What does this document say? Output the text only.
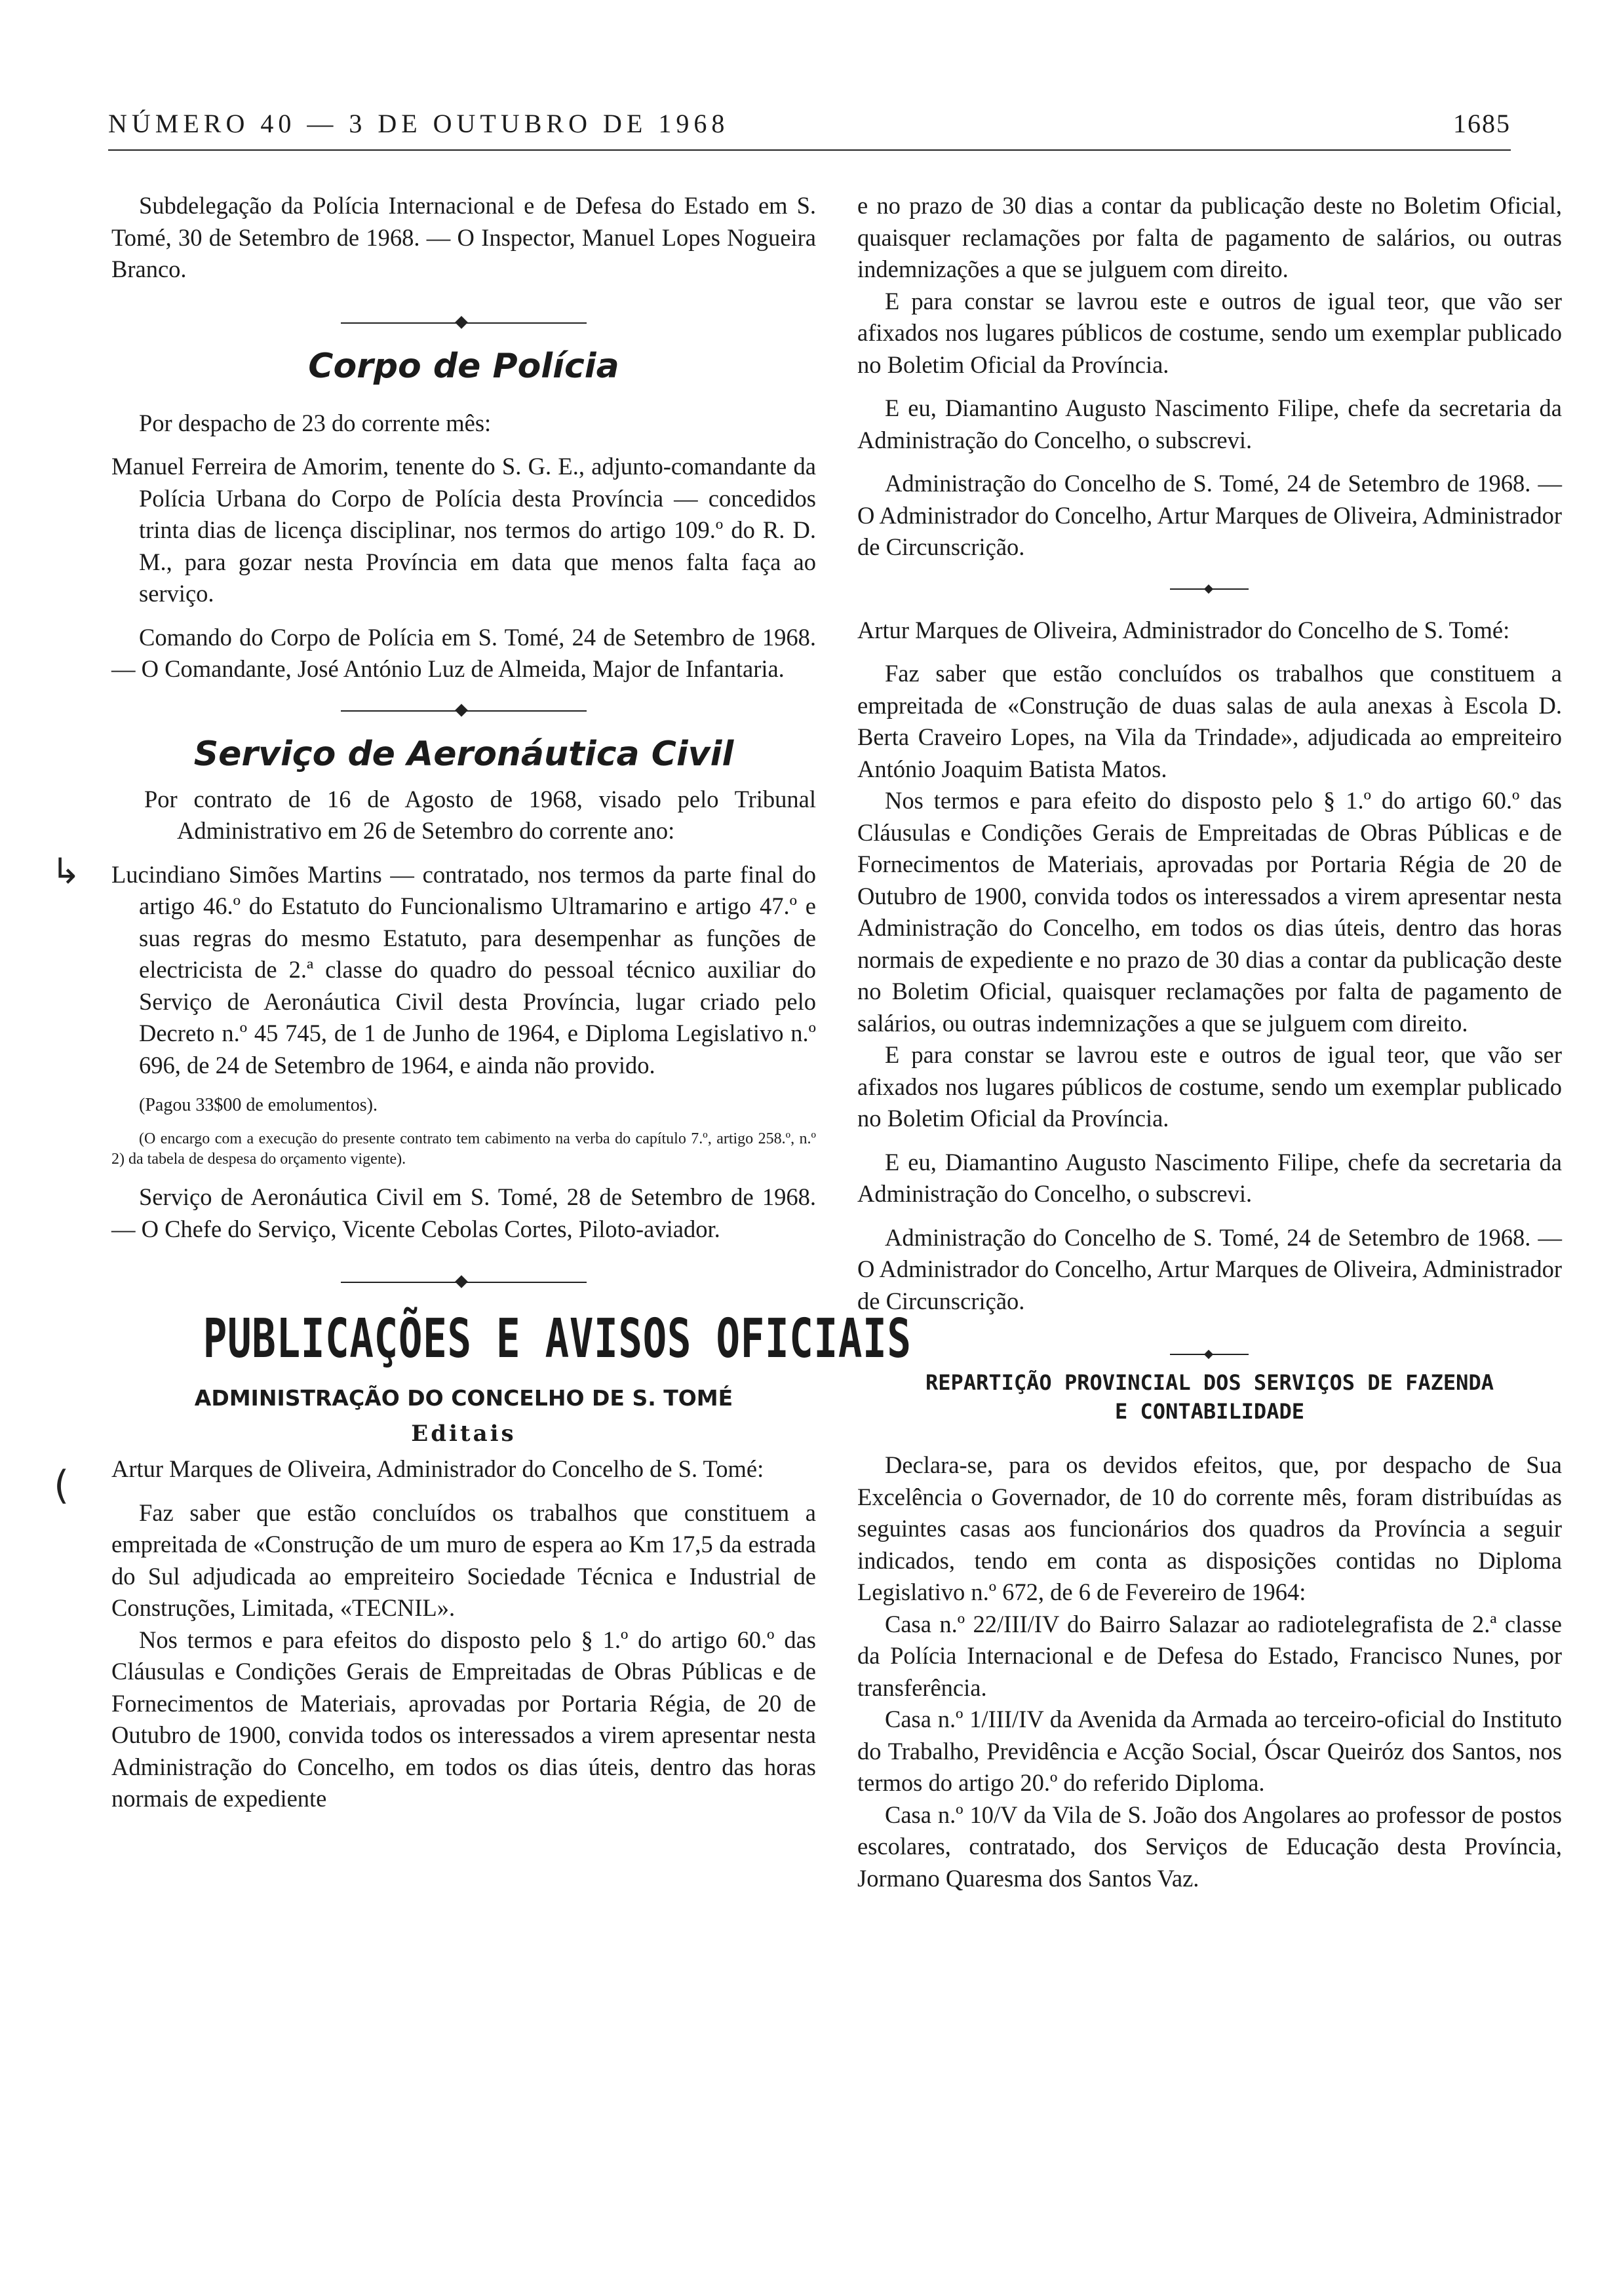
NÚMERO 40 — 3 DE OUTUBRO DE 1968	1685
↳
(

Subdelegação da Polícia Internacional e de Defesa do Estado em S. Tomé, 30 de Setembro de 1968. — O Inspector, Manuel Lopes Nogueira Branco.

Corpo de Polícia

Por despacho de 23 do corrente mês:

Manuel Ferreira de Amorim, tenente do S. G. E., adjunto-comandante da Polícia Urbana do Corpo de Polícia desta Província — concedidos trinta dias de licença disciplinar, nos termos do artigo 109.º do R. D. M., para gozar nesta Província em data que menos falta faça ao serviço.

Comando do Corpo de Polícia em S. Tomé, 24 de Setembro de 1968. — O Comandante, José António Luz de Almeida, Major de Infantaria.

Serviço de Aeronáutica Civil

Por contrato de 16 de Agosto de 1968, visado pelo Tribunal Administrativo em 26 de Setembro do corrente ano:

Lucindiano Simões Martins — contratado, nos termos da parte final do artigo 46.º do Estatuto do Funcionalismo Ultramarino e artigo 47.º e suas regras do mesmo Estatuto, para desempenhar as funções de electricista de 2.ª classe do quadro do pessoal técnico auxiliar do Serviço de Aeronáutica Civil desta Província, lugar criado pelo Decreto n.º 45 745, de 1 de Junho de 1964, e Diploma Legislativo n.º 696, de 24 de Setembro de 1964, e ainda não provido.

(Pagou 33$00 de emolumentos).

(O encargo com a execução do presente contrato tem cabimento na verba do capítulo 7.º, artigo 258.º, n.º 2) da tabela de despesa do orçamento vigente).

Serviço de Aeronáutica Civil em S. Tomé, 28 de Setembro de 1968. — O Chefe do Serviço, Vicente Cebolas Cortes, Piloto-aviador.

PUBLICAÇÕES E AVISOS OFICIAIS
ADMINISTRAÇÃO DO CONCELHO DE S. TOMÉ
Editais

Artur Marques de Oliveira, Administrador do Concelho de S. Tomé:

Faz saber que estão concluídos os trabalhos que constituem a empreitada de «Construção de um muro de espera ao Km 17,5 da estrada do Sul adjudicada ao empreiteiro Sociedade Técnica e Industrial de Construções, Limitada, «TECNIL».

Nos termos e para efeitos do disposto pelo § 1.º do artigo 60.º das Cláusulas e Condições Gerais de Empreitadas de Obras Públicas e de Fornecimentos de Materiais, aprovadas por Portaria Régia, de 20 de Outubro de 1900, convida todos os interessados a virem apresentar nesta Administração do Concelho, em todos os dias úteis, dentro das horas normais de expediente

e no prazo de 30 dias a contar da publicação deste no Boletim Oficial, quaisquer reclamações por falta de pagamento de salários, ou outras indemnizações a que se julguem com direito.

E para constar se lavrou este e outros de igual teor, que vão ser afixados nos lugares públicos de costume, sendo um exemplar publicado no Boletim Oficial da Província.

E eu, Diamantino Augusto Nascimento Filipe, chefe da secretaria da Administração do Concelho, o subscrevi.

Administração do Concelho de S. Tomé, 24 de Setembro de 1968. — O Administrador do Concelho, Artur Marques de Oliveira, Administrador de Circunscrição.

Artur Marques de Oliveira, Administrador do Concelho de S. Tomé:

Faz saber que estão concluídos os trabalhos que constituem a empreitada de «Construção de duas salas de aula anexas à Escola D. Berta Craveiro Lopes, na Vila da Trindade», adjudicada ao empreiteiro António Joaquim Batista Matos.

Nos termos e para efeito do disposto pelo § 1.º do artigo 60.º das Cláusulas e Condições Gerais de Empreitadas de Obras Públicas e de Fornecimentos de Materiais, aprovadas por Portaria Régia de 20 de Outubro de 1900, convida todos os interessados a virem apresentar nesta Administração do Concelho, em todos os dias úteis, dentro das horas normais de expediente e no prazo de 30 dias a contar da publicação deste no Boletim Oficial, quaisquer reclamações por falta de pagamento de salários, ou outras indemnizações a que se julguem com direito.

E para constar se lavrou este e outros de igual teor, que vão ser afixados nos lugares públicos de costume, sendo um exemplar publicado no Boletim Oficial da Província.

E eu, Diamantino Augusto Nascimento Filipe, chefe da secretaria da Administração do Concelho, o subscrevi.

Administração do Concelho de S. Tomé, 24 de Setembro de 1968. — O Administrador do Concelho, Artur Marques de Oliveira, Administrador de Circunscrição.

REPARTIÇÃO PROVINCIAL DOS SERVIÇOS DE FAZENDA
E CONTABILIDADE

Declara-se, para os devidos efeitos, que, por despacho de Sua Excelência o Governador, de 10 do corrente mês, foram distribuídas as seguintes casas aos funcionários dos quadros da Província a seguir indicados, tendo em conta as disposições contidas no Diploma Legislativo n.º 672, de 6 de Fevereiro de 1964:

Casa n.º 22/III/IV do Bairro Salazar ao radiotelegrafista de 2.ª classe da Polícia Internacional e de Defesa do Estado, Francisco Nunes, por transferência.

Casa n.º 1/III/IV da Avenida da Armada ao terceiro-oficial do Instituto do Trabalho, Previdência e Acção Social, Óscar Queiróz dos Santos, nos termos do artigo 20.º do referido Diploma.

Casa n.º 10/V da Vila de S. João dos Angolares ao professor de postos escolares, contratado, dos Serviços de Educação desta Província, Jormano Quaresma dos Santos Vaz.
